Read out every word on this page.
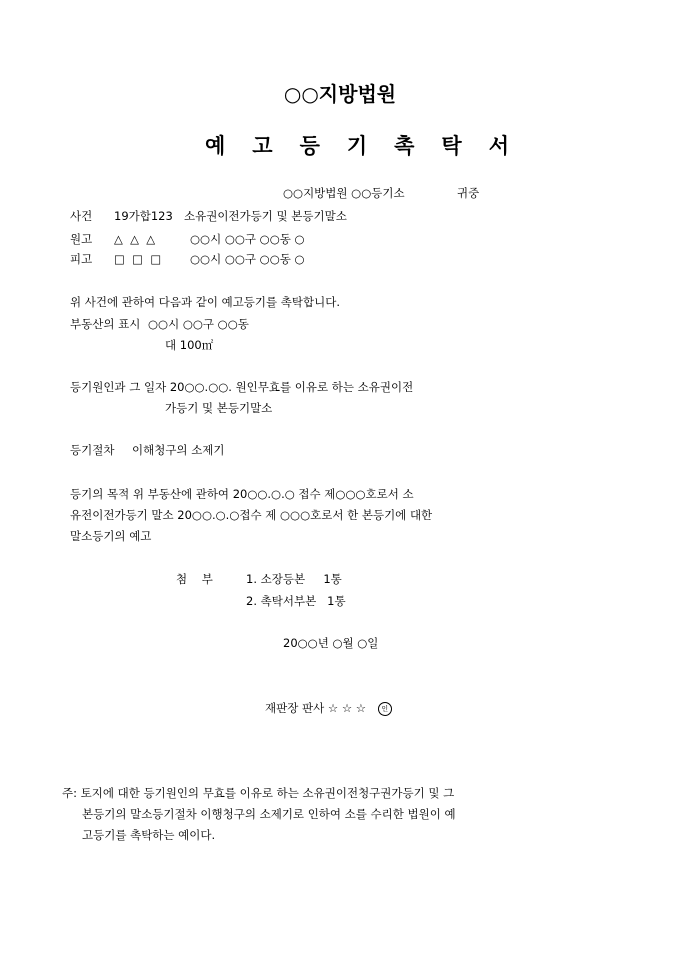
○○지방법원
예고등기촉탁서
○○지방법원 ○○등기소	귀중
사건 19가합123 소유권이전가등기 및 본등기말소
원고 △  △  △	○○시 ○○구 ○○동 ○
피고 □  □  □	○○시 ○○구 ○○동 ○
위 사건에 관하여 다음과 같이 예고등기를 촉탁합니다.
부동산의 표시 ○○시 ○○구 ○○동
대 100㎡
등기원인과 그 일자 20○○.○○. 원인무효를 이유로 하는 소유권이전
가등기 및 본등기말소
등기절차 이해청구의 소제기
등기의 목적 위 부동산에 관하여 20○○.○.○ 접수 제○○○호로서 소
유전이전가등기 말소 20○○.○.○접수 제 ○○○호로서 한 본등기에 대한
말소등기의 예고
첨    부	1. 소장등본     1통
2. 촉탁서부본   1통
20○○년 ○월 ○일
재판장 판사 ☆ ☆ ☆ 인
주: 토지에 대한 등기원인의 무효를 이유로 하는 소유권이전청구권가등기 및 그
본등기의 말소등기절차 이행청구의 소제기로 인하여 소를 수리한 법원이 예
고등기를 촉탁하는 예이다.
